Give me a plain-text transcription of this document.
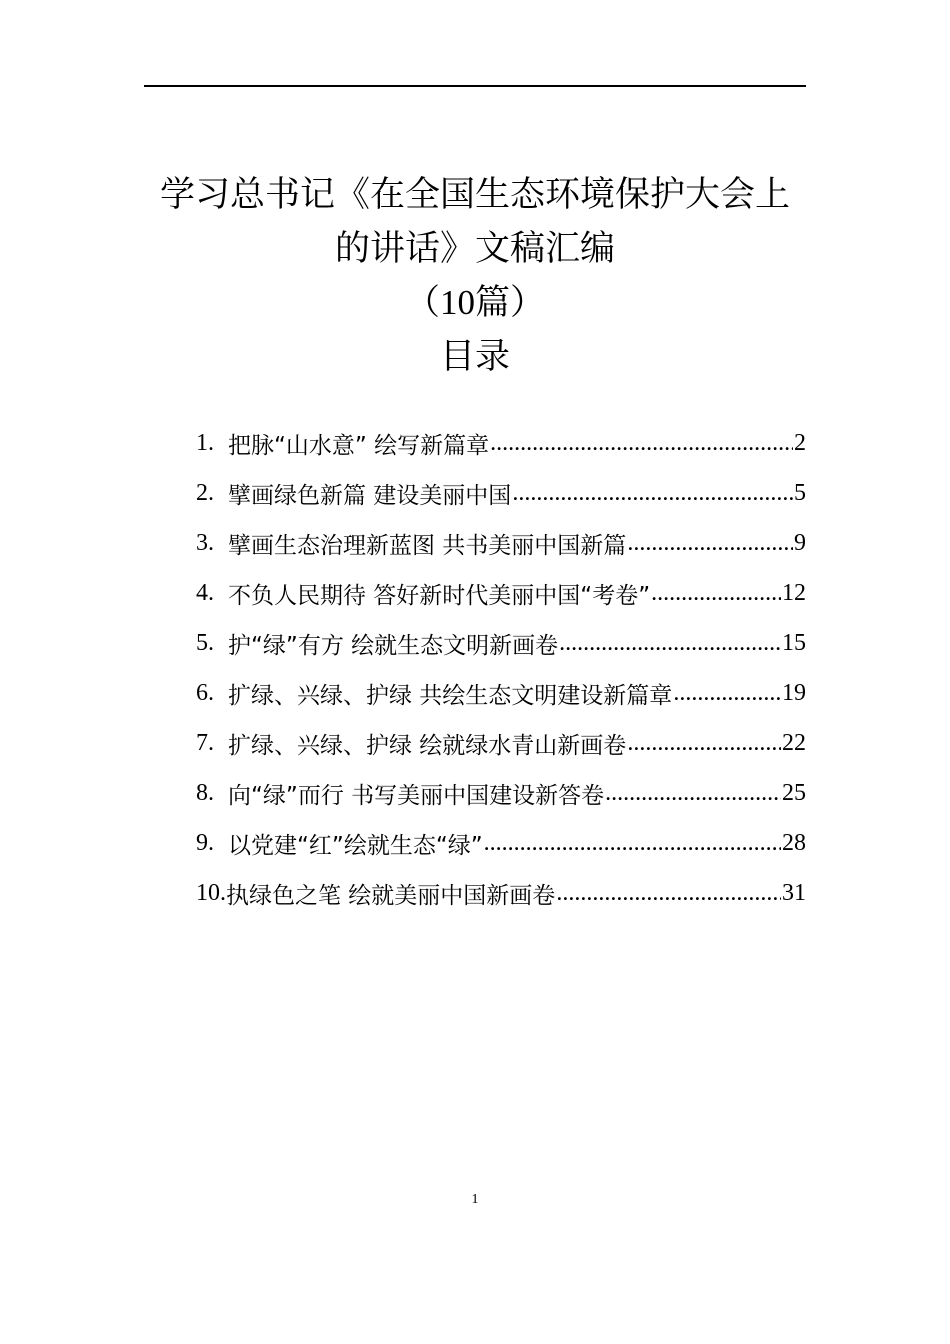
学习总书记《在全国生态环境保护大会上
的讲话》文稿汇编
（10篇）
目录
1. 把脉“山水意” 绘写新篇章 .....	2
2. 擘画绿色新篇 建设美丽中国 .....	5
3. 擘画生态治理新蓝图 共书美丽中国新篇 .....	9
4. 不负人民期待 答好新时代美丽中国“考卷” .....	12
5. 护“绿”有方 绘就生态文明新画卷 .....	15
6. 扩绿、兴绿、护绿 共绘生态文明建设新篇章 .....	19
7. 扩绿、兴绿、护绿 绘就绿水青山新画卷 .....	22
8. 向“绿”而行 书写美丽中国建设新答卷 .....	25
9. 以党建“红”绘就生态“绿” .....	28
10. 执绿色之笔 绘就美丽中国新画卷 .....	31
1
